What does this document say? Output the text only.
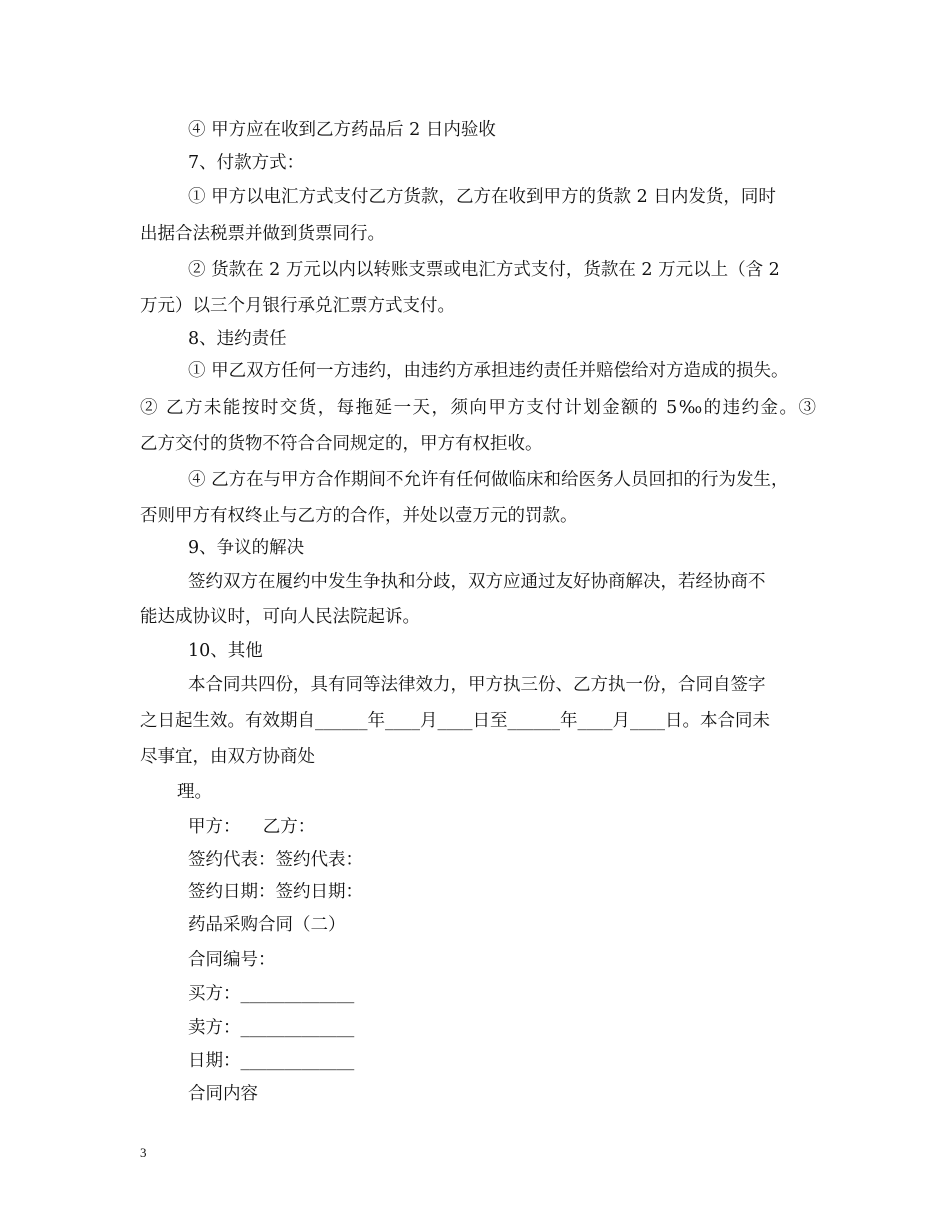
④ 甲方应在收到乙方药品后 2 日内验收
7、付款方式：
① 甲方以电汇方式支付乙方货款，乙方在收到甲方的货款 2 日内发货，同时
出据合法税票并做到货票同行。
② 货款在 2 万元以内以转账支票或电汇方式支付，货款在 2 万元以上（含 2
万元）以三个月银行承兑汇票方式支付。
8、违约责任
① 甲乙双方任何一方违约，由违约方承担违约责任并赔偿给对方造成的损失。
② 乙方未能按时交货，每拖延一天，须向甲方支付计划金额的 5‰的违约金。③
乙方交付的货物不符合合同规定的，甲方有权拒收。
④ 乙方在与甲方合作期间不允许有任何做临床和给医务人员回扣的行为发生，
否则甲方有权终止与乙方的合作，并处以壹万元的罚款。
9、争议的解决
签约双方在履约中发生争执和分歧，双方应通过友好协商解决，若经协商不
能达成协议时，可向人民法院起诉。
10、其他
本合同共四份，具有同等法律效力，甲方执三份、乙方执一份，合同自签字
之日起生效。有效期自______年____月____日至______年____月____日。本合同未
尽事宜，由双方协商处
理。
甲方：    乙方：
签约代表：签约代表：
签约日期：签约日期：
药品采购合同（二）
合同编号：
买方：_____________
卖方：_____________
日期：_____________
合同内容
3
